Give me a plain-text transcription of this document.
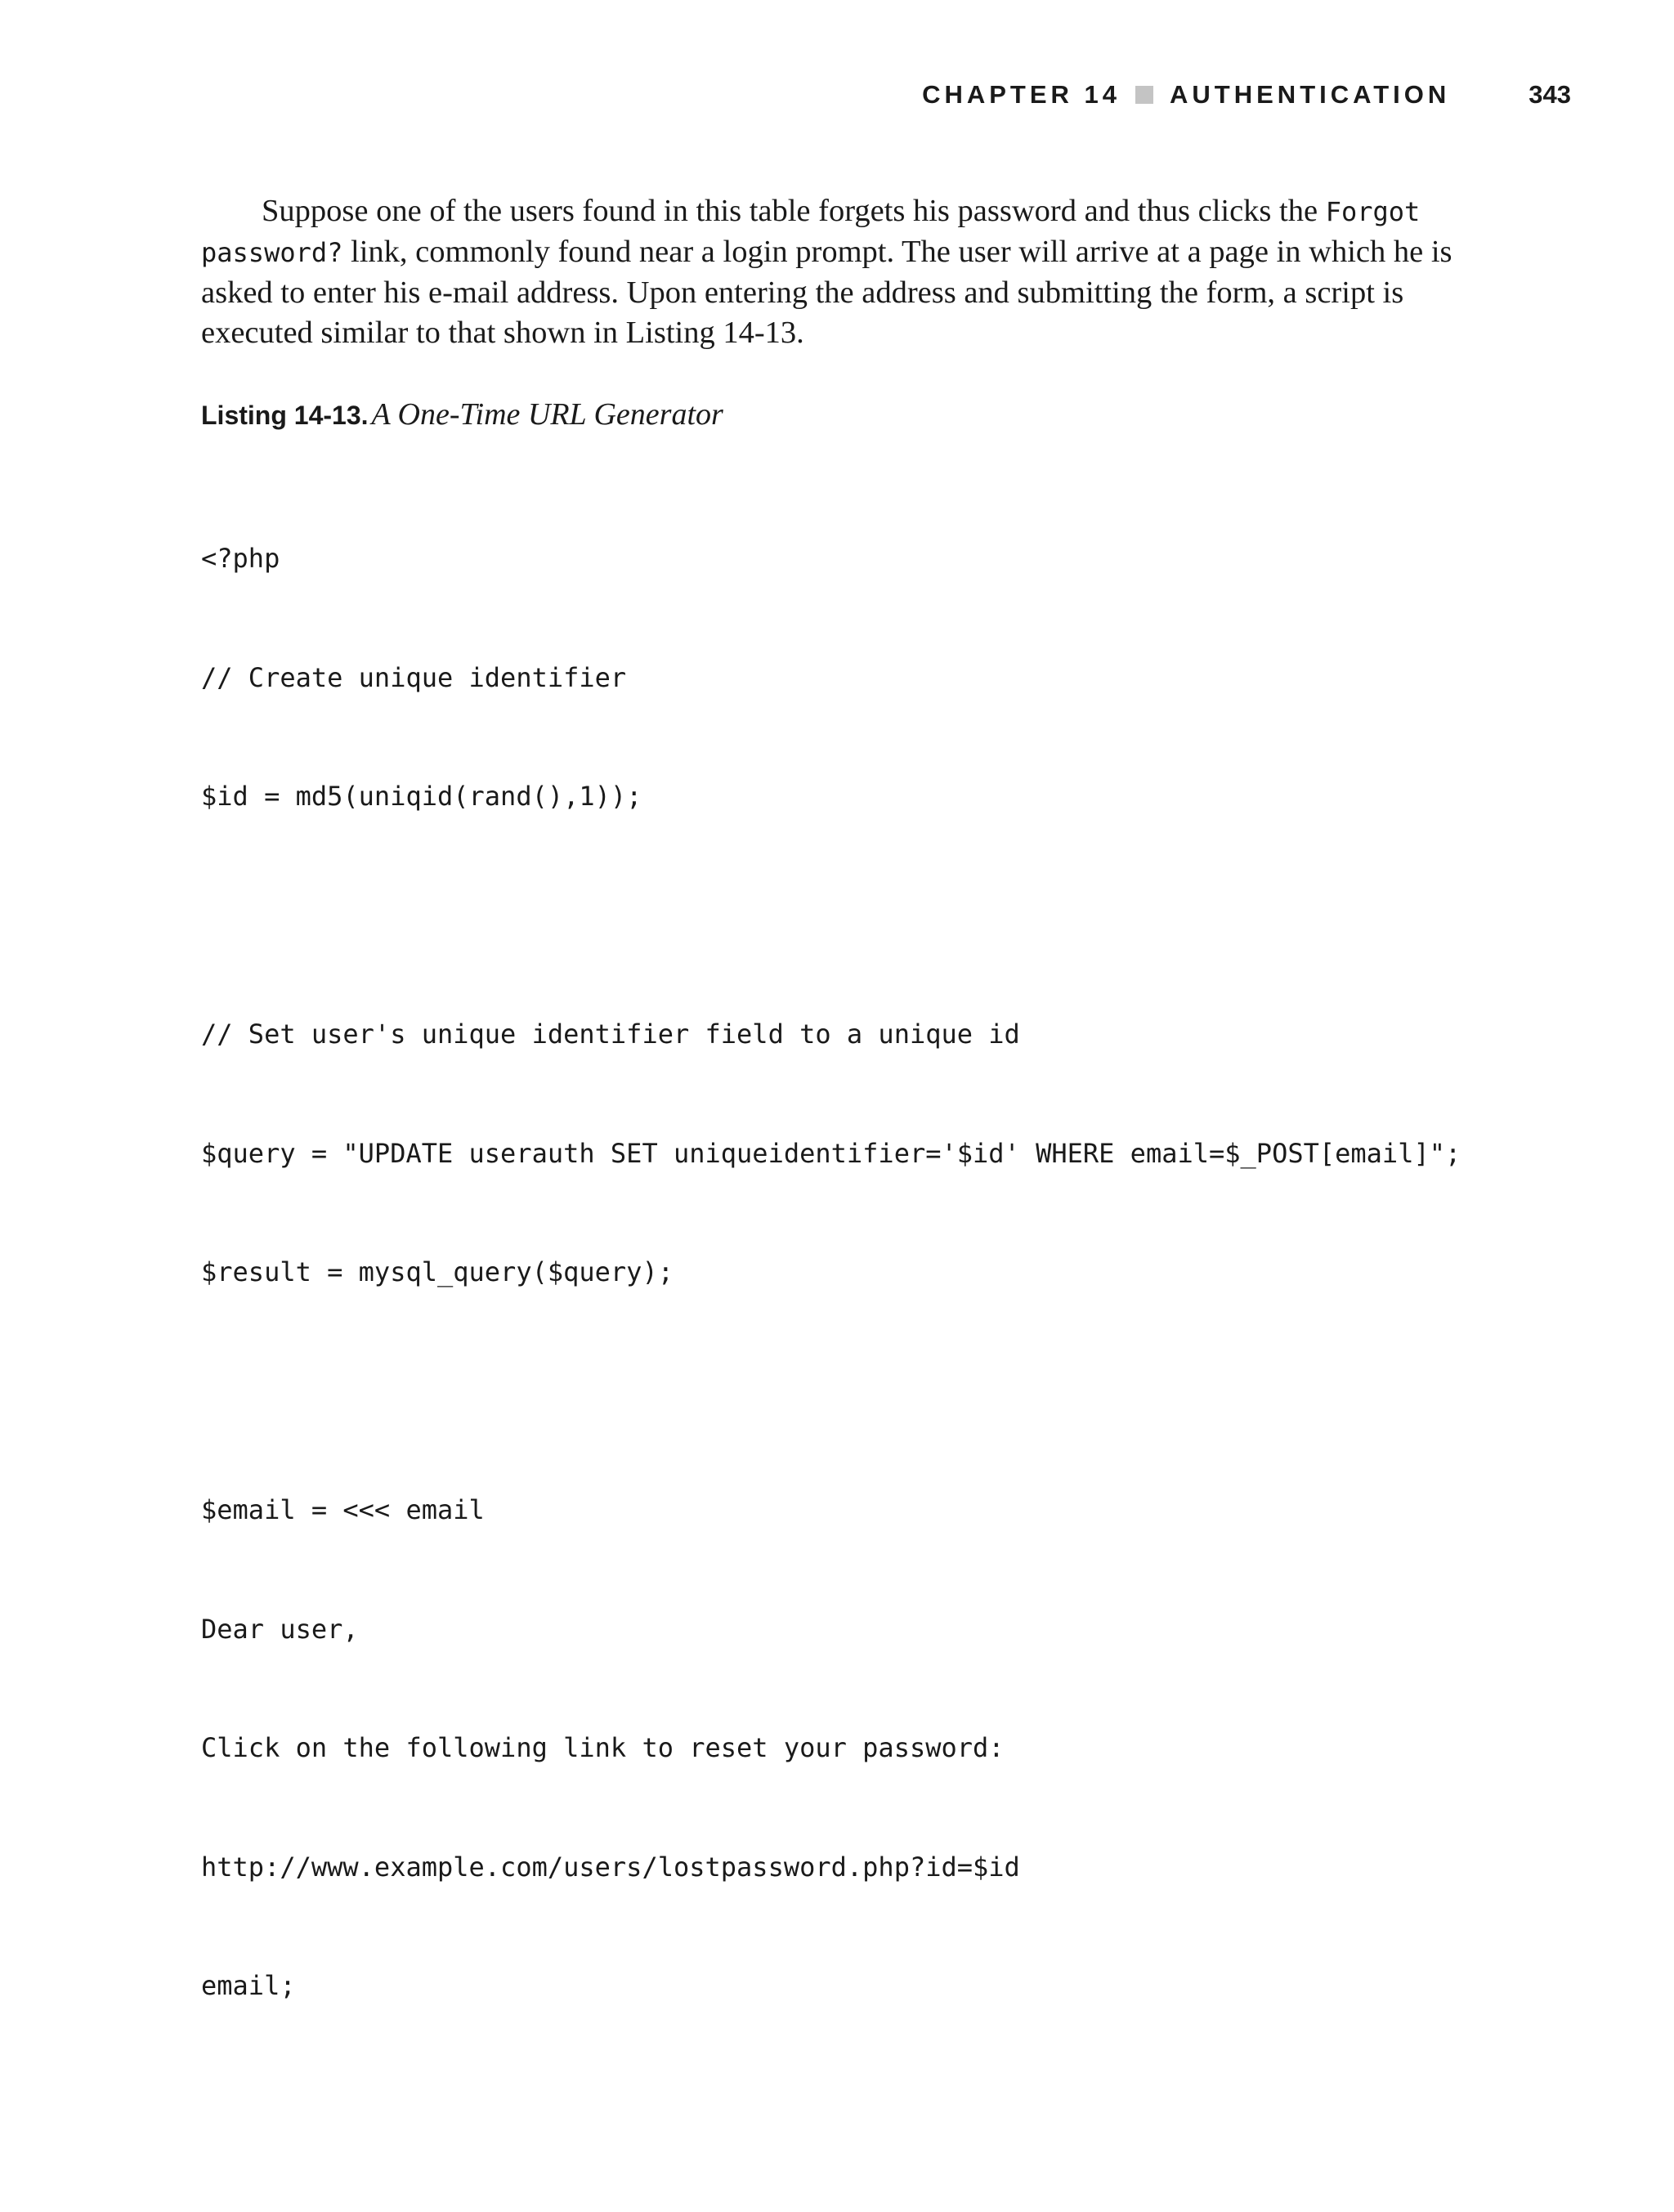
CHAPTER 14 AUTHENTICATION	343

Suppose one of the users found in this table forgets his password and thus clicks the Forgot password? link, commonly found near a login prompt. The user will arrive at a page in which he is asked to enter his e-mail address. Upon entering the address and submitting the form, a script is executed similar to that shown in Listing 14-13.

Listing 14-13. A One-Time URL Generator

<?php

// Create unique identifier

$id = md5(uniqid(rand(),1));

// Set user's unique identifier field to a unique id

$query = "UPDATE userauth SET uniqueidentifier='$id' WHERE email=$_POST[email]";

$result = mysql_query($query);

$email = <<< email

Dear user,

Click on the following link to reset your password:

http://www.example.com/users/lostpassword.php?id=$id

email;
